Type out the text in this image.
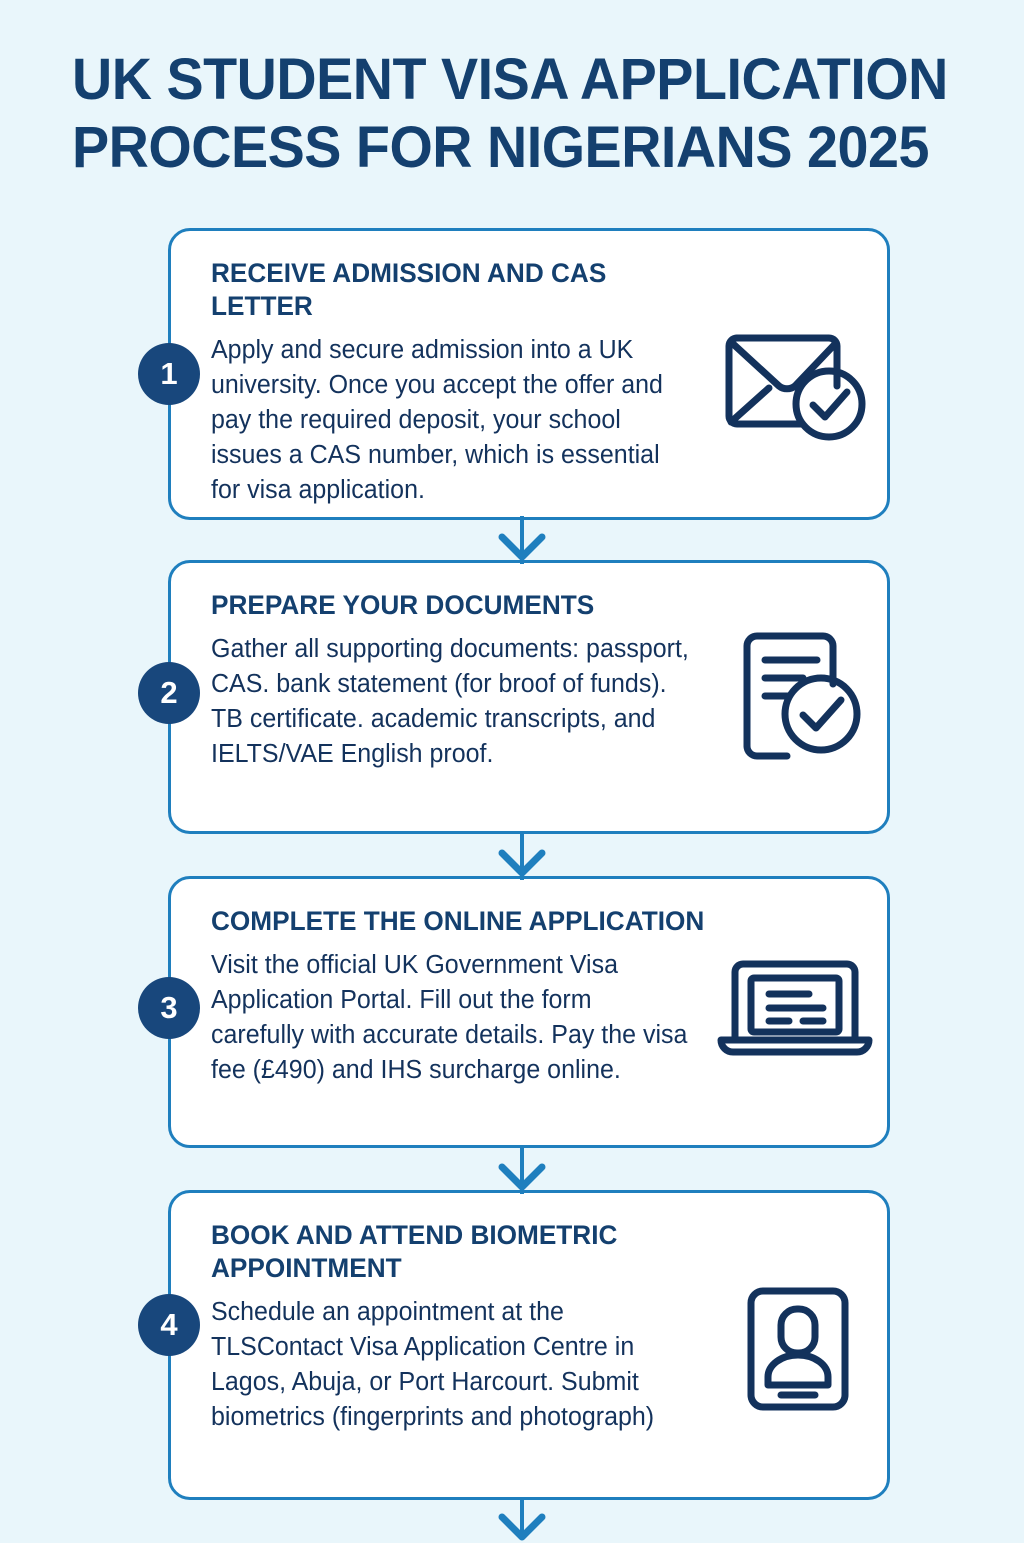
UK STUDENT VISA APPLICATION
PROCESS FOR NIGERIANS 2025
RECEIVE ADMISSION AND CAS LETTER
Apply and secure admission into a UK university. Once you accept the offer and pay the required deposit, your school issues a CAS number, which is essential for visa application.
1
PREPARE YOUR DOCUMENTS
Gather all supporting documents: passport, CAS. bank statement (for broof of funds). TB certificate. academic transcripts, and IELTS/VAE English proof.
2
COMPLETE THE ONLINE APPLICATION
Visit the official UK Government Visa Application Portal. Fill out the form carefully with accurate details. Pay the visa fee (£490) and IHS surcharge online.
3
BOOK AND ATTEND BIOMETRIC APPOINTMENT
Schedule an appointment at the TLSContact Visa Application Centre in Lagos, Abuja, or Port Harcourt. Submit biometrics (fingerprints and photograph)
4
